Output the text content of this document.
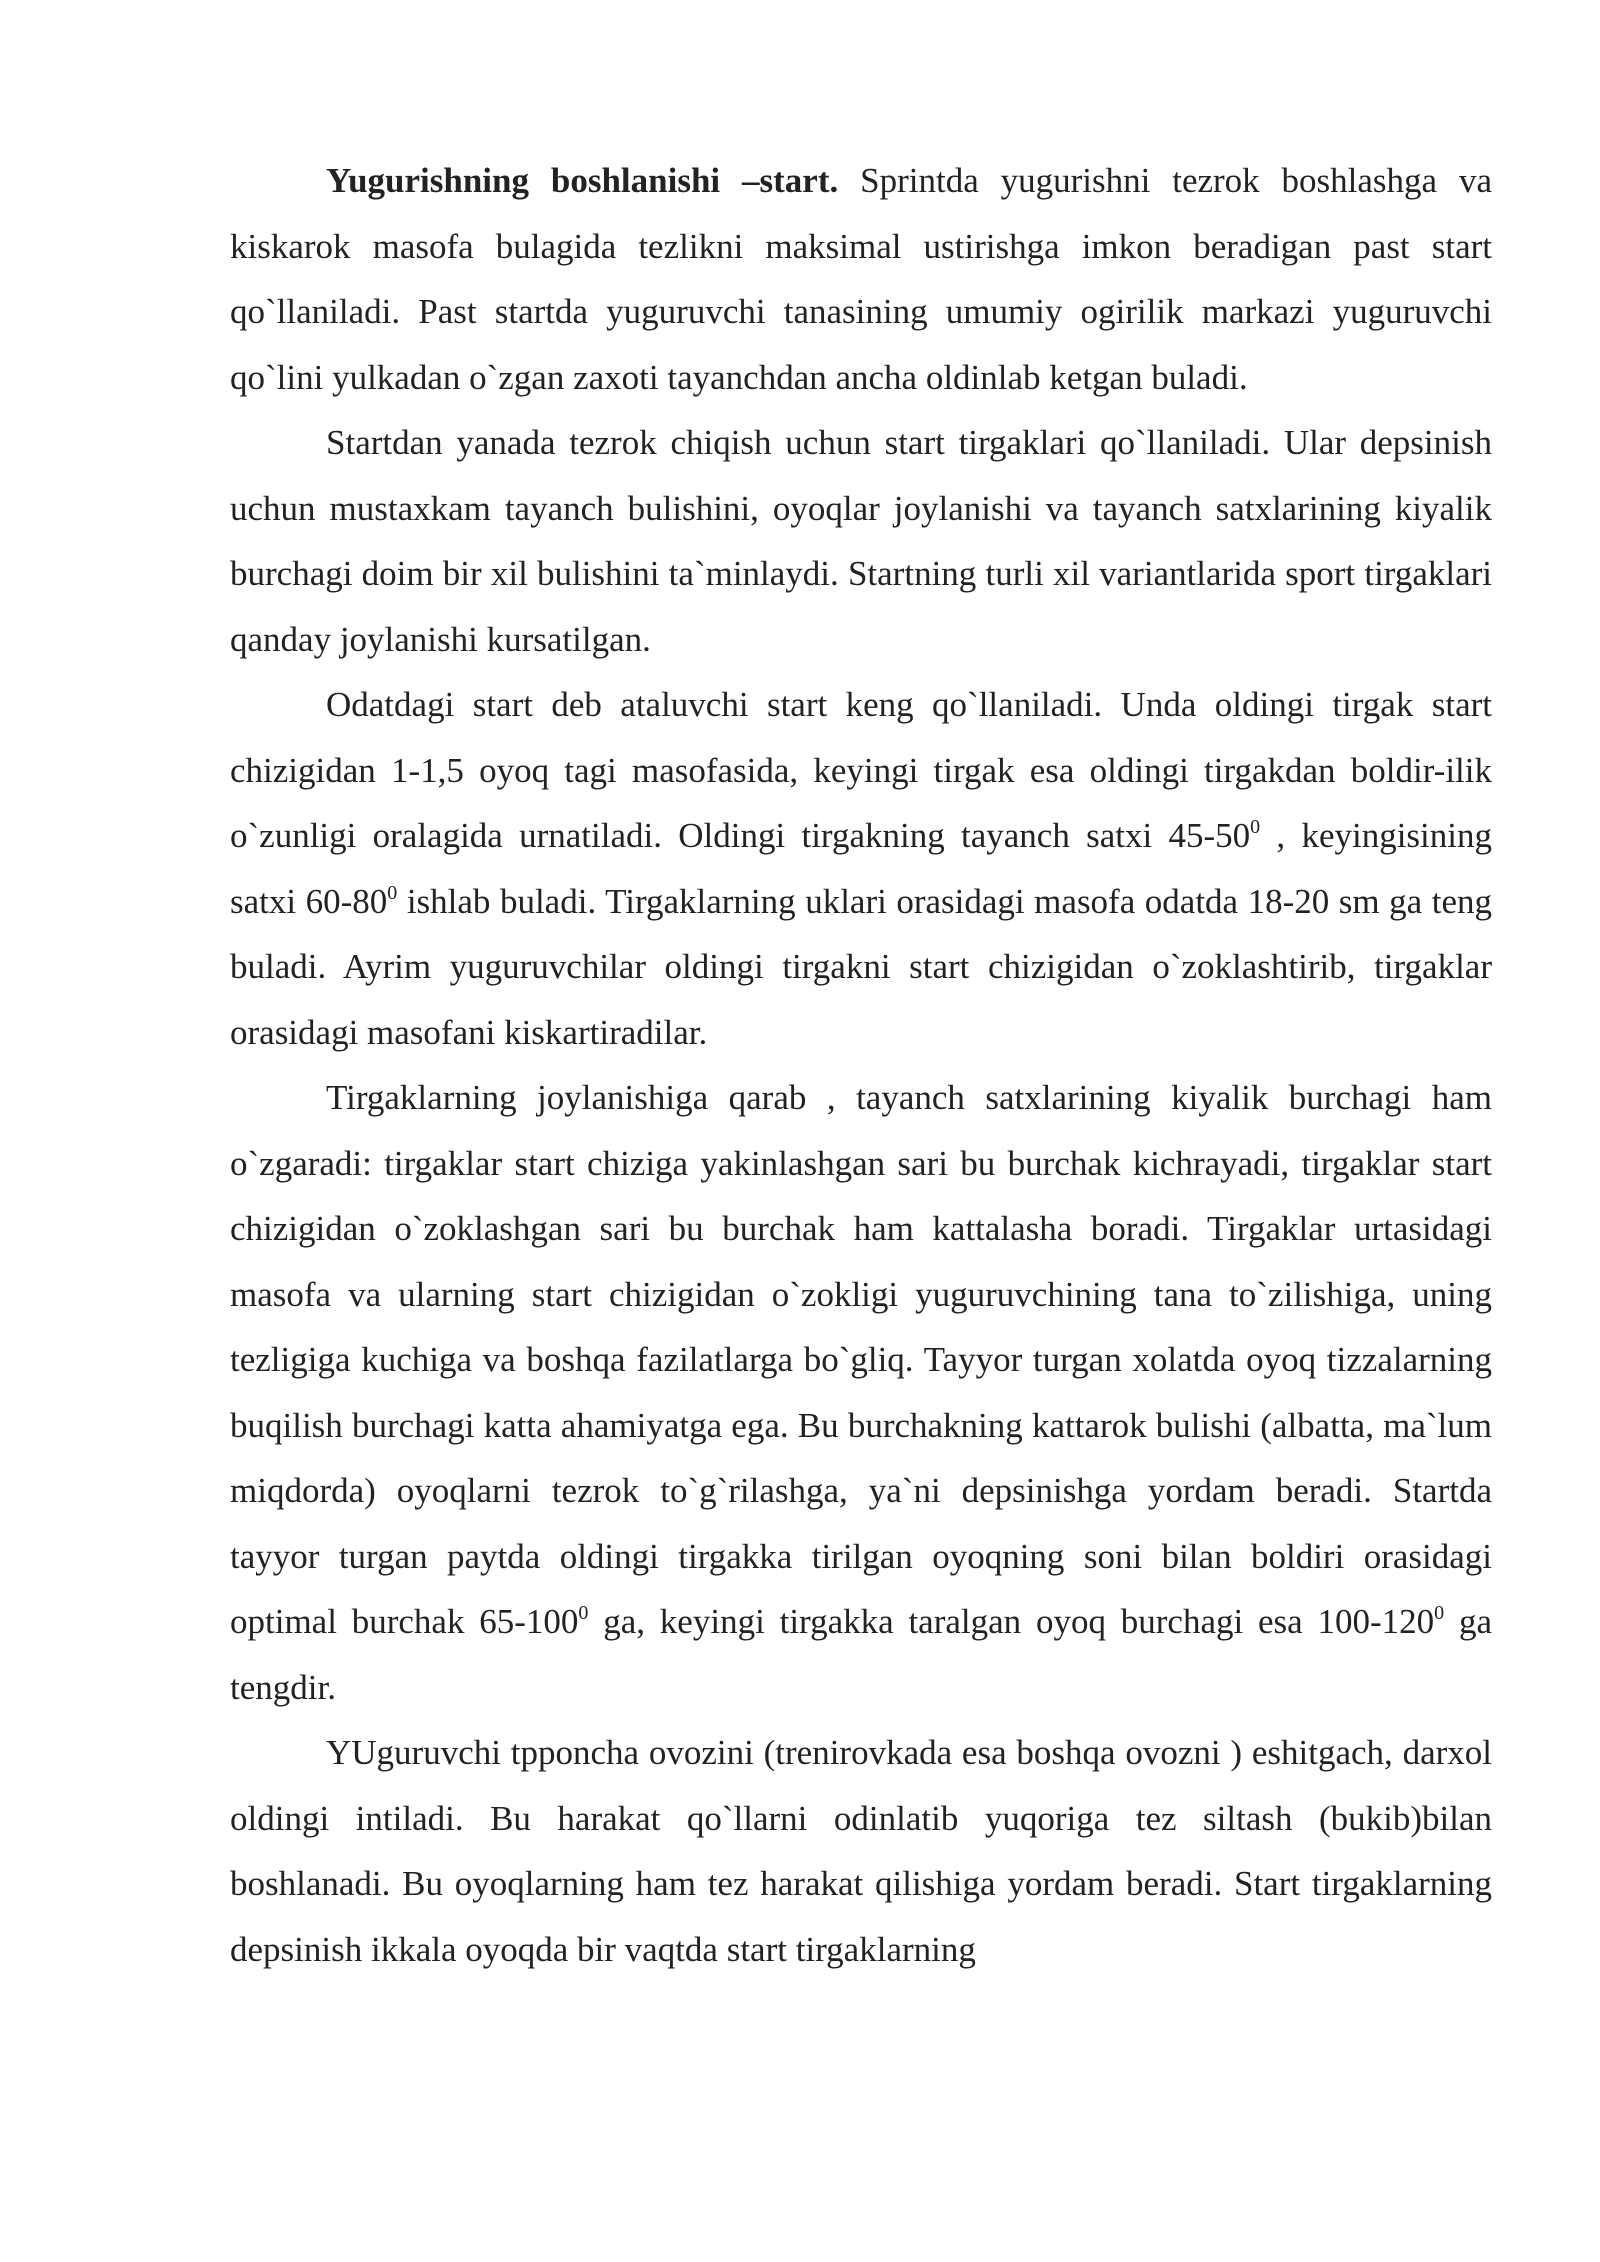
Yugurishning boshlanishi –start. Sprintda yugurishni tezrok boshlashga va kiskarok masofa bulagida tezlikni maksimal ustirishga imkon beradigan past start qo`llaniladi. Past startda yuguruvchi tanasining umumiy ogirilik markazi yuguruvchi qo`lini yulkadan o`zgan zaxoti tayanchdan ancha oldinlab ketgan buladi.

Startdan yanada tezrok chiqish uchun start tirgaklari qo`llaniladi. Ular depsinish uchun mustaxkam tayanch bulishini, oyoqlar joylanishi va tayanch satxlarining kiyalik burchagi doim bir xil bulishini ta`minlaydi. Startning turli xil variantlarida sport tirgaklari qanday joylanishi kursatilgan.

Odatdagi start deb ataluvchi start keng qo`llaniladi. Unda oldingi tirgak start chizigidan 1-1,5 oyoq tagi masofasida, keyingi tirgak esa oldingi tirgakdan boldir-ilik o`zunligi oralagida urnatiladi. Oldingi tirgakning tayanch satxi $45-50^0$ , keyingisining satxi $60-80^0$ ishlab buladi. Tirgaklarning uklari orasidagi masofa odatda 18-20 sm ga teng buladi. Ayrim yuguruvchilar oldingi tirgakni start chizigidan o`zoklashtirib, tirgaklar orasidagi masofani kiskartiradilar.

Tirgaklarning joylanishiga qarab , tayanch satxlarining kiyalik burchagi ham o`zgaradi: tirgaklar start chiziga yakinlashgan sari bu burchak kichrayadi, tirgaklar start chizigidan o`zoklashgan sari bu burchak ham kattalasha boradi. Tirgaklar urtasidagi masofa va ularning start chizigidan o`zokligi yuguruvchining tana to`zilishiga, uning tezligiga kuchiga va boshqa fazilatlarga bo`gliq. Tayyor turgan xolatda oyoq tizzalarning buqilish burchagi katta ahamiyatga ega. Bu burchakning kattarok bulishi (albatta, ma`lum miqdorda) oyoqlarni tezrok to`g`rilashga, ya`ni depsinishga yordam beradi. Startda tayyor turgan paytda oldingi tirgakka tirilgan oyoqning soni bilan boldiri orasidagi optimal burchak $65-100^0$ ga, keyingi tirgakka taralgan oyoq burchagi esa $100-120^0$ ga tengdir.

YUguruvchi tpponcha ovozini (trenirovkada esa boshqa ovozni ) eshitgach, darxol oldingi intiladi. Bu harakat qo`llarni odinlatib yuqoriga tez siltash (bukib)bilan boshlanadi. Bu oyoqlarning ham tez harakat qilishiga yordam beradi. Start tirgaklarning depsinish ikkala oyoqda bir vaqtda start tirgaklarning
